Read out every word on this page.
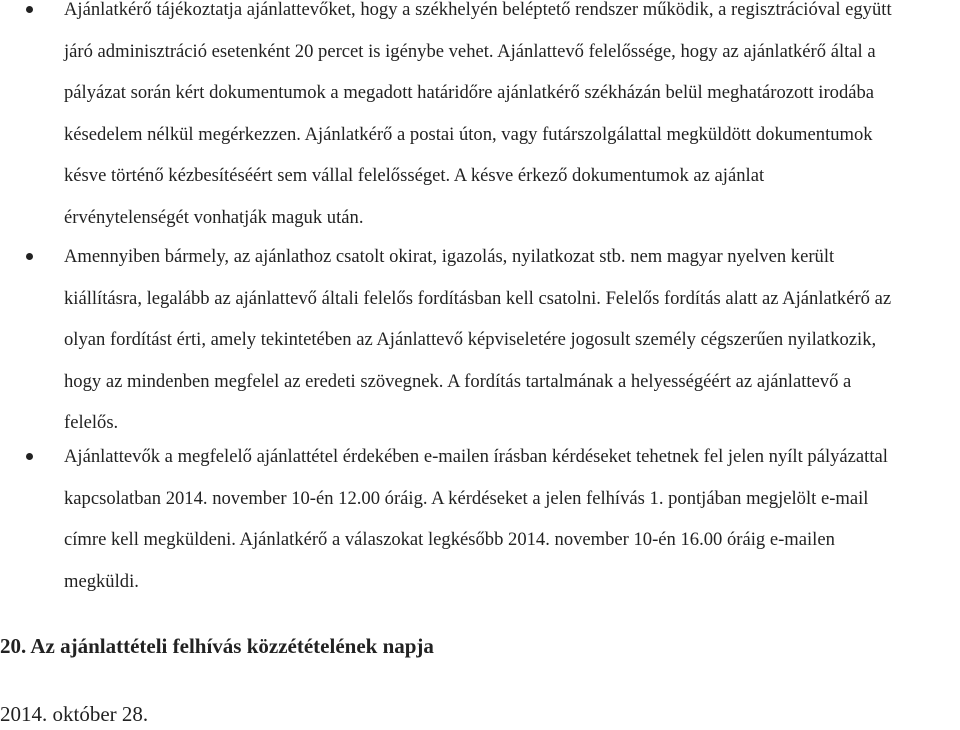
Ajánlatkérő tájékoztatja ajánlattevőket, hogy a székhelyén beléptető rendszer működik, a regisztrációval együtt
járó adminisztráció esetenként 20 percet is igénybe vehet. Ajánlattevő felelőssége, hogy az ajánlatkérő által a
pályázat során kért dokumentumok a megadott határidőre ajánlatkérő székházán belül meghatározott irodába
késedelem nélkül megérkezzen. Ajánlatkérő a postai úton, vagy futárszolgálattal megküldött dokumentumok
késve történő kézbesítéséért sem vállal felelősséget. A késve érkező dokumentumok az ajánlat
érvénytelenségét vonhatják maguk után.
Amennyiben bármely, az ajánlathoz csatolt okirat, igazolás, nyilatkozat stb. nem magyar nyelven került
kiállításra, legalább az ajánlattevő általi felelős fordításban kell csatolni. Felelős fordítás alatt az Ajánlatkérő az
olyan fordítást érti, amely tekintetében az Ajánlattevő képviseletére jogosult személy cégszerűen nyilatkozik,
hogy az mindenben megfelel az eredeti szövegnek. A fordítás tartalmának a helyességéért az ajánlattevő a
felelős.
Ajánlattevők a megfelelő ajánlattétel érdekében e-mailen írásban kérdéseket tehetnek fel jelen nyílt pályázattal
kapcsolatban 2014. november 10-én 12.00 óráig. A kérdéseket a jelen felhívás 1. pontjában megjelölt e-mail
címre kell megküldeni. Ajánlatkérő a válaszokat legkésőbb 2014. november 10-én 16.00 óráig e-mailen
megküldi.
20. Az ajánlattételi felhívás közzétételének napja
2014. október 28.
